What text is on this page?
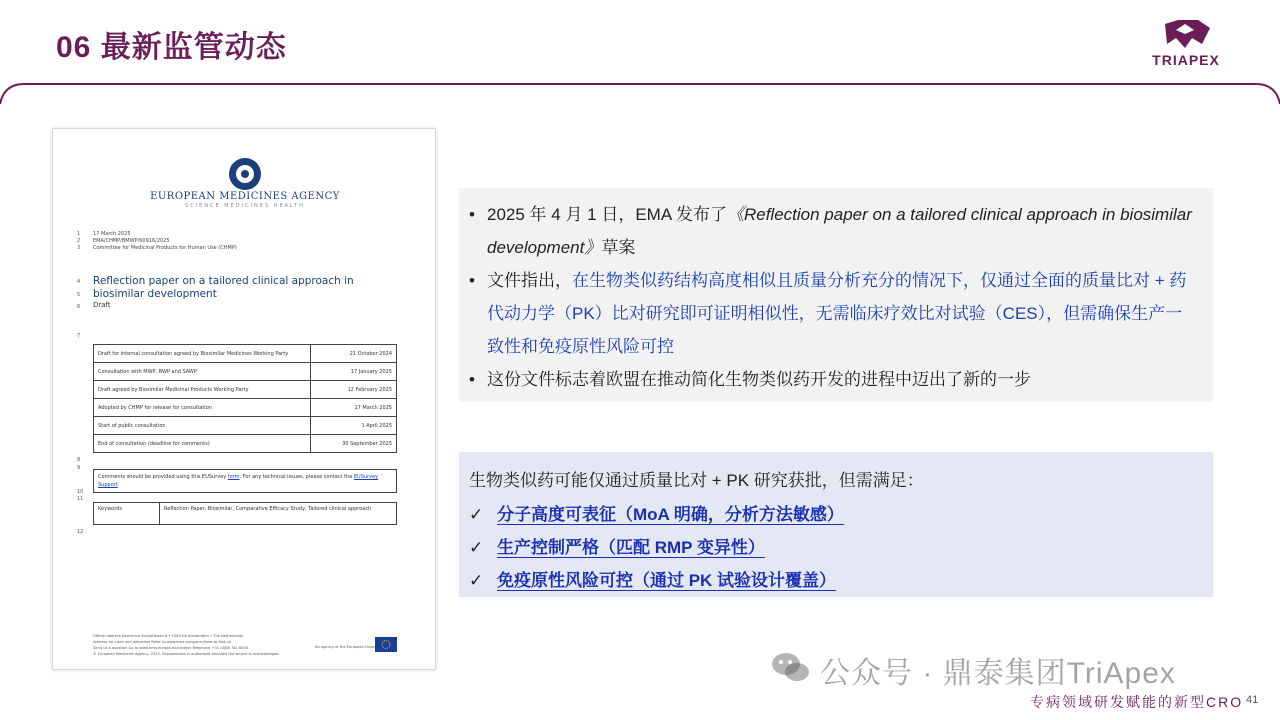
06 最新监管动态	TRIAPEX
EUROPEAN MEDICINES AGENCY
SCIENCE MEDICINES HEALTH
1
2
3
17 March 2025
EMA/CHMP/BMWP/60916/2025
Committee for Medicinal Products for Human Use (CHMP)
4
5
6
Reflection paper on a tailored clinical approach in biosimilar development
Draft
7
Draft for internal consultation agreed by Biosimilar Medicines Working Party	21 October 2024
Consultation with MWP, BWP and SAWP	17 January 2025
Draft agreed by Biosimilar Medicinal Products Working Party	12 February 2025
Adopted by CHMP for release for consultation	17 March 2025
Start of public consultation	1 April 2025
End of consultation (deadline for comments)	30 September 2025
8
9
Comments should be provided using this EUSurvey form. For any technical issues, please contact the EUSurvey Support
10
11
Keywords	Reflection Paper, Biosimilar, Comparative Efficacy Study, Tailored clinical approach
12
Official address Domenico Scarlattilaan 6 • 1083 HS Amsterdam • The Netherlands
Address for visits and deliveries Refer to www.ema.europa.eu/how-to-find-us
Send us a question Go to www.ema.europa.eu/contact Telephone +31 (0)88 781 6000
© European Medicines Agency, 2025. Reproduction is authorised provided the source is acknowledged.
An agency of the European Union
• 2025 年 4 月 1 日，EMA 发布了《Reflection paper on a tailored clinical approach in biosimilar development》草案
• 文件指出，在生物类似药结构高度相似且质量分析充分的情况下，仅通过全面的质量比对 + 药代动力学（PK）比对研究即可证明相似性，无需临床疗效比对试验（CES），但需确保生产一致性和免疫原性风险可控
• 这份文件标志着欧盟在推动简化生物类似药开发的进程中迈出了新的一步
生物类似药可能仅通过质量比对 + PK 研究获批，但需满足：
✓ 分子高度可表征（MoA 明确，分析方法敏感）
✓ 生产控制严格（匹配 RMP 变异性）
✓ 免疫原性风险可控（通过 PK 试验设计覆盖）
公众号 · 鼎泰集团TriApex
专病领域研发赋能的新型CRO 41
